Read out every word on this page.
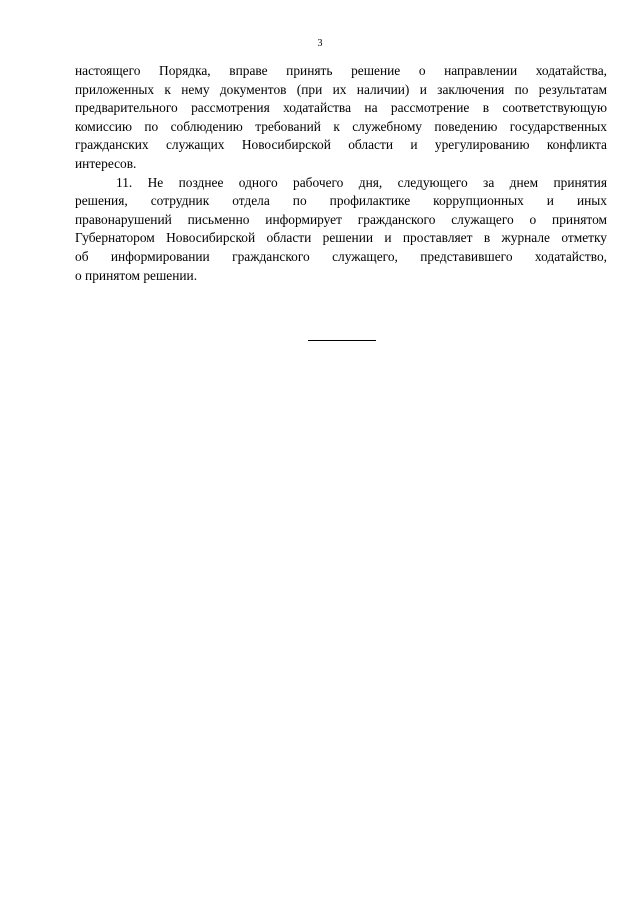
3
настоящего Порядка, вправе принять решение о направлении ходатайства,
приложенных к нему документов (при их наличии) и заключения по результатам
предварительного рассмотрения ходатайства на рассмотрение в соответствующую
комиссию по соблюдению требований к служебному поведению государственных
гражданских служащих Новосибирской области и урегулированию конфликта
интересов.
11. Не позднее одного рабочего дня, следующего за днем принятия
решения, сотрудник отдела по профилактике коррупционных и иных
правонарушений письменно информирует гражданского служащего о принятом
Губернатором Новосибирской области решении и проставляет в журнале отметку
об информировании гражданского служащего, представившего ходатайство,
о принятом решении.
